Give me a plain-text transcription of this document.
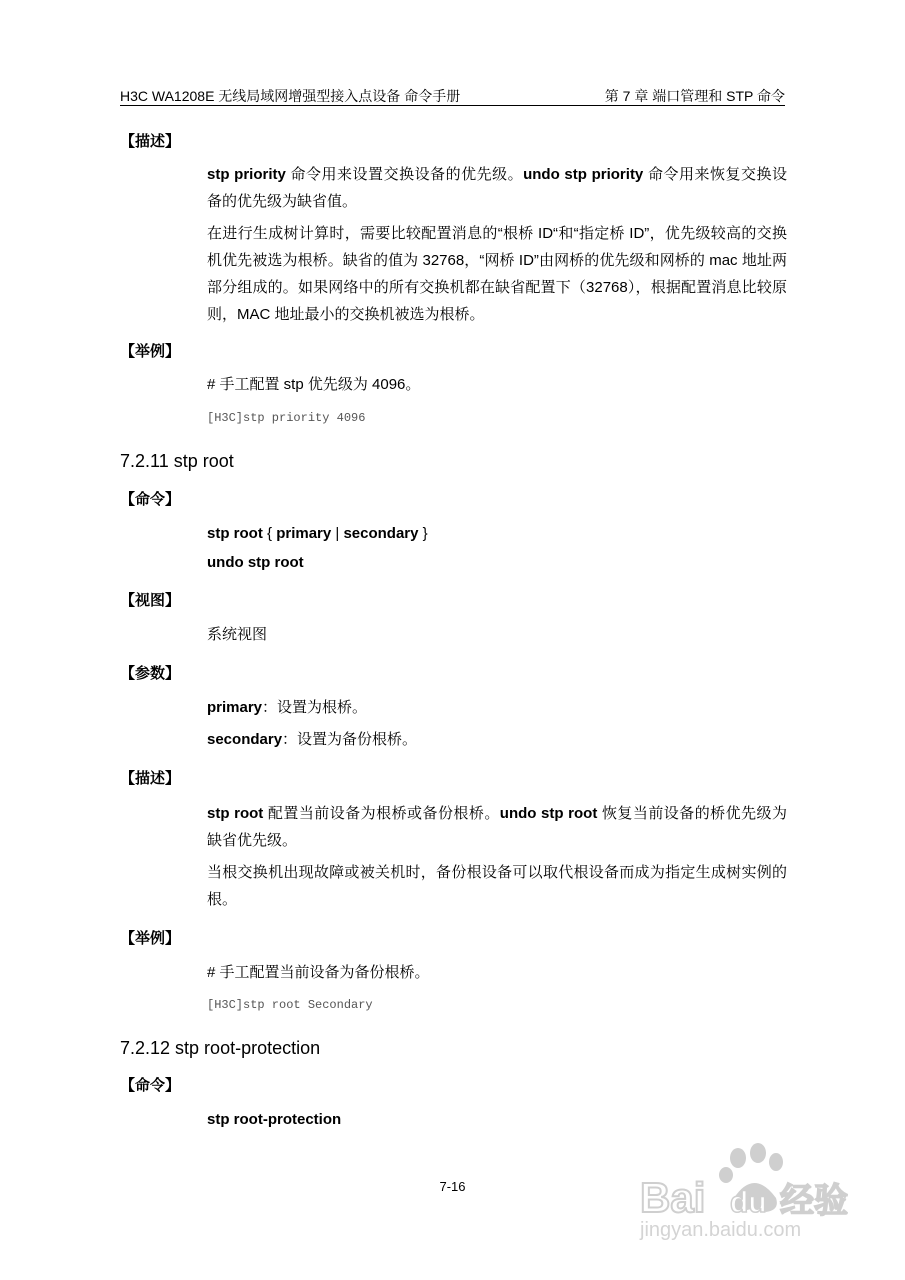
H3C WA1208E 无线局域网增强型接入点设备 命令手册	第 7 章 端口管理和 STP 命令
【描述】
stp priority 命令用来设置交换设备的优先级。undo stp priority 命令用来恢复交换设备的优先级为缺省值。
在进行生成树计算时，需要比较配置消息的“根桥 ID“和“指定桥 ID”，优先级较高的交换机优先被选为根桥。缺省的值为 32768，“网桥 ID”由网桥的优先级和网桥的 mac 地址两部分组成的。如果网络中的所有交换机都在缺省配置下（32768），根据配置消息比较原则，MAC 地址最小的交换机被选为根桥。
【举例】
# 手工配置 stp 优先级为 4096。
[H3C]stp priority 4096
7.2.11 stp root
【命令】
stp root { primary | secondary }
undo stp root
【视图】
系统视图
【参数】
primary：设置为根桥。
secondary：设置为备份根桥。
【描述】
stp root 配置当前设备为根桥或备份根桥。undo stp root 恢复当前设备的桥优先级为缺省优先级。
当根交换机出现故障或被关机时，备份根设备可以取代根设备而成为指定生成树实例的根。
【举例】
# 手工配置当前设备为备份根桥。
[H3C]stp root Secondary
7.2.12 stp root-protection
【命令】
stp root-protection
7-16	Bai du 经验
jingyan.baidu.com
